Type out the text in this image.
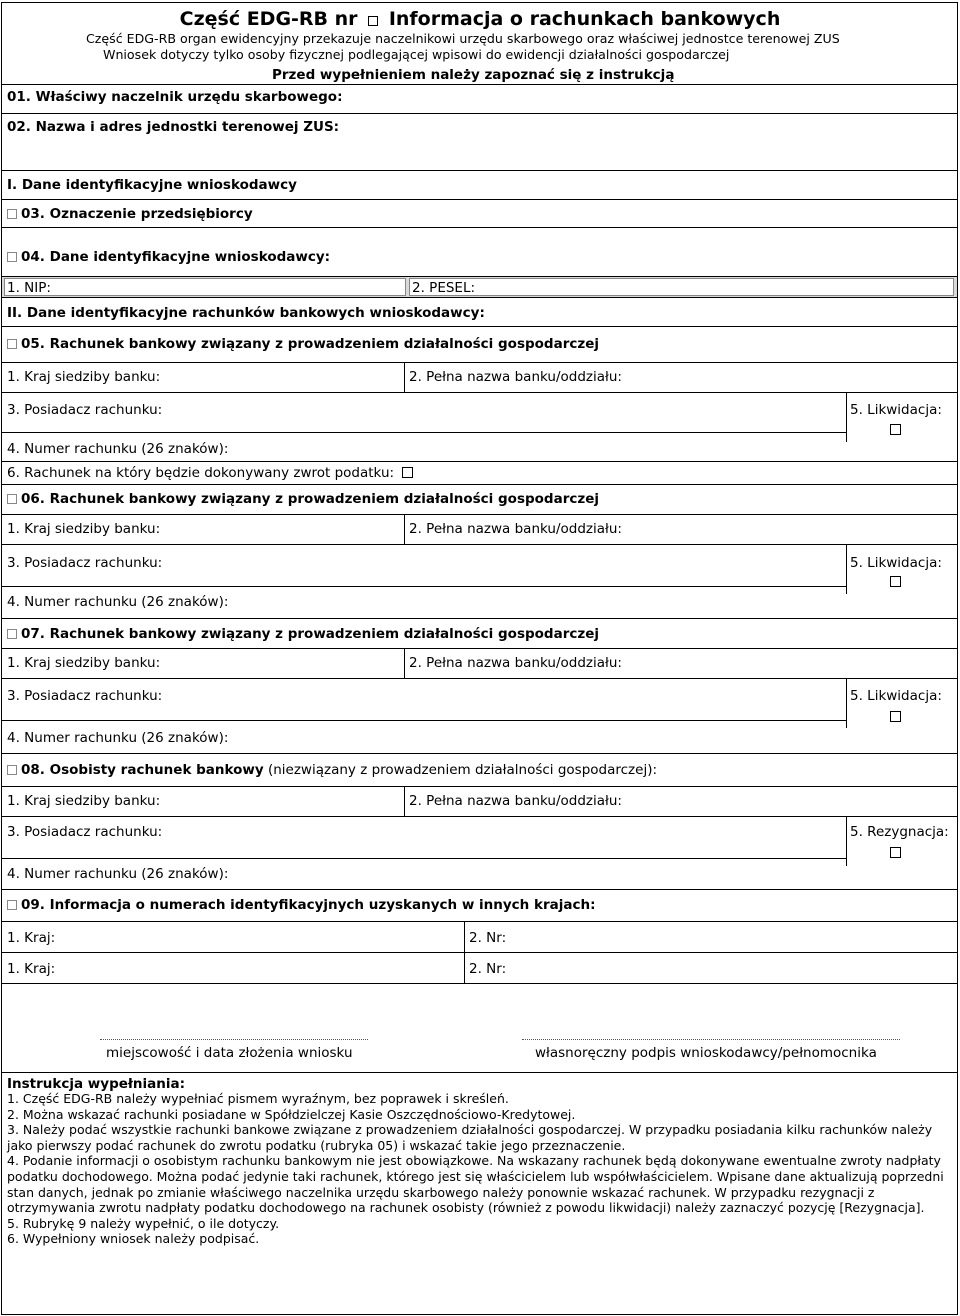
Część EDG-RB nr Informacja o rachunkach bankowych
Część EDG-RB organ ewidencyjny przekazuje naczelnikowi urzędu skarbowego oraz właściwej jednostce terenowej ZUS
Wniosek dotyczy tylko osoby fizycznej podlegającej wpisowi do ewidencji działalności gospodarczej
Przed wypełnieniem należy zapoznać się z instrukcją
01. Właściwy naczelnik urzędu skarbowego:
02. Nazwa i adres jednostki terenowej ZUS:
I. Dane identyfikacyjne wnioskodawcy
03. Oznaczenie przedsiębiorcy
04. Dane identyfikacyjne wnioskodawcy:
1. NIP:	2. PESEL:
II. Dane identyfikacyjne rachunków bankowych wnioskodawcy:
05. Rachunek bankowy związany z prowadzeniem działalności gospodarczej
1. Kraj siedziby banku:	2. Pełna nazwa banku/oddziału:
3. Posiadacz rachunku:	5. Likwidacja:
4. Numer rachunku (26 znaków):
6. Rachunek na który będzie dokonywany zwrot podatku:
06. Rachunek bankowy związany z prowadzeniem działalności gospodarczej
1. Kraj siedziby banku:	2. Pełna nazwa banku/oddziału:
3. Posiadacz rachunku:	5. Likwidacja:
4. Numer rachunku (26 znaków):
07. Rachunek bankowy związany z prowadzeniem działalności gospodarczej
1. Kraj siedziby banku:	2. Pełna nazwa banku/oddziału:
3. Posiadacz rachunku:	5. Likwidacja:
4. Numer rachunku (26 znaków):
08. Osobisty rachunek bankowy (niezwiązany z prowadzeniem działalności gospodarczej):
1. Kraj siedziby banku:	2. Pełna nazwa banku/oddziału:
3. Posiadacz rachunku:	5. Rezygnacja:
4. Numer rachunku (26 znaków):
09. Informacja o numerach identyfikacyjnych uzyskanych w innych krajach:
1. Kraj:	2. Nr:
1. Kraj:	2. Nr:
miejscowość i data złożenia wniosku	własnoręczny podpis wnioskodawcy/pełnomocnika
Instrukcja wypełniania:
1. Część EDG-RB należy wypełniać pismem wyraźnym, bez poprawek i skreśleń.
2. Można wskazać rachunki posiadane w Spółdzielczej Kasie Oszczędnościowo-Kredytowej.
3. Należy podać wszystkie rachunki bankowe związane z prowadzeniem działalności gospodarczej. W przypadku posiadania kilku rachunków należy jako pierwszy podać rachunek do zwrotu podatku (rubryka 05) i wskazać takie jego przeznaczenie.
4. Podanie informacji o osobistym rachunku bankowym nie jest obowiązkowe. Na wskazany rachunek będą dokonywane ewentualne zwroty nadpłaty podatku dochodowego. Można podać jedynie taki rachunek, którego jest się właścicielem lub współwłaścicielem. Wpisane dane aktualizują poprzedni stan danych, jednak po zmianie właściwego naczelnika urzędu skarbowego należy ponownie wskazać rachunek. W przypadku rezygnacji z otrzymywania zwrotu nadpłaty podatku dochodowego na rachunek osobisty (również z powodu likwidacji) należy zaznaczyć pozycję [Rezygnacja].
5. Rubrykę 9 należy wypełnić, o ile dotyczy.
6. Wypełniony wniosek należy podpisać.
